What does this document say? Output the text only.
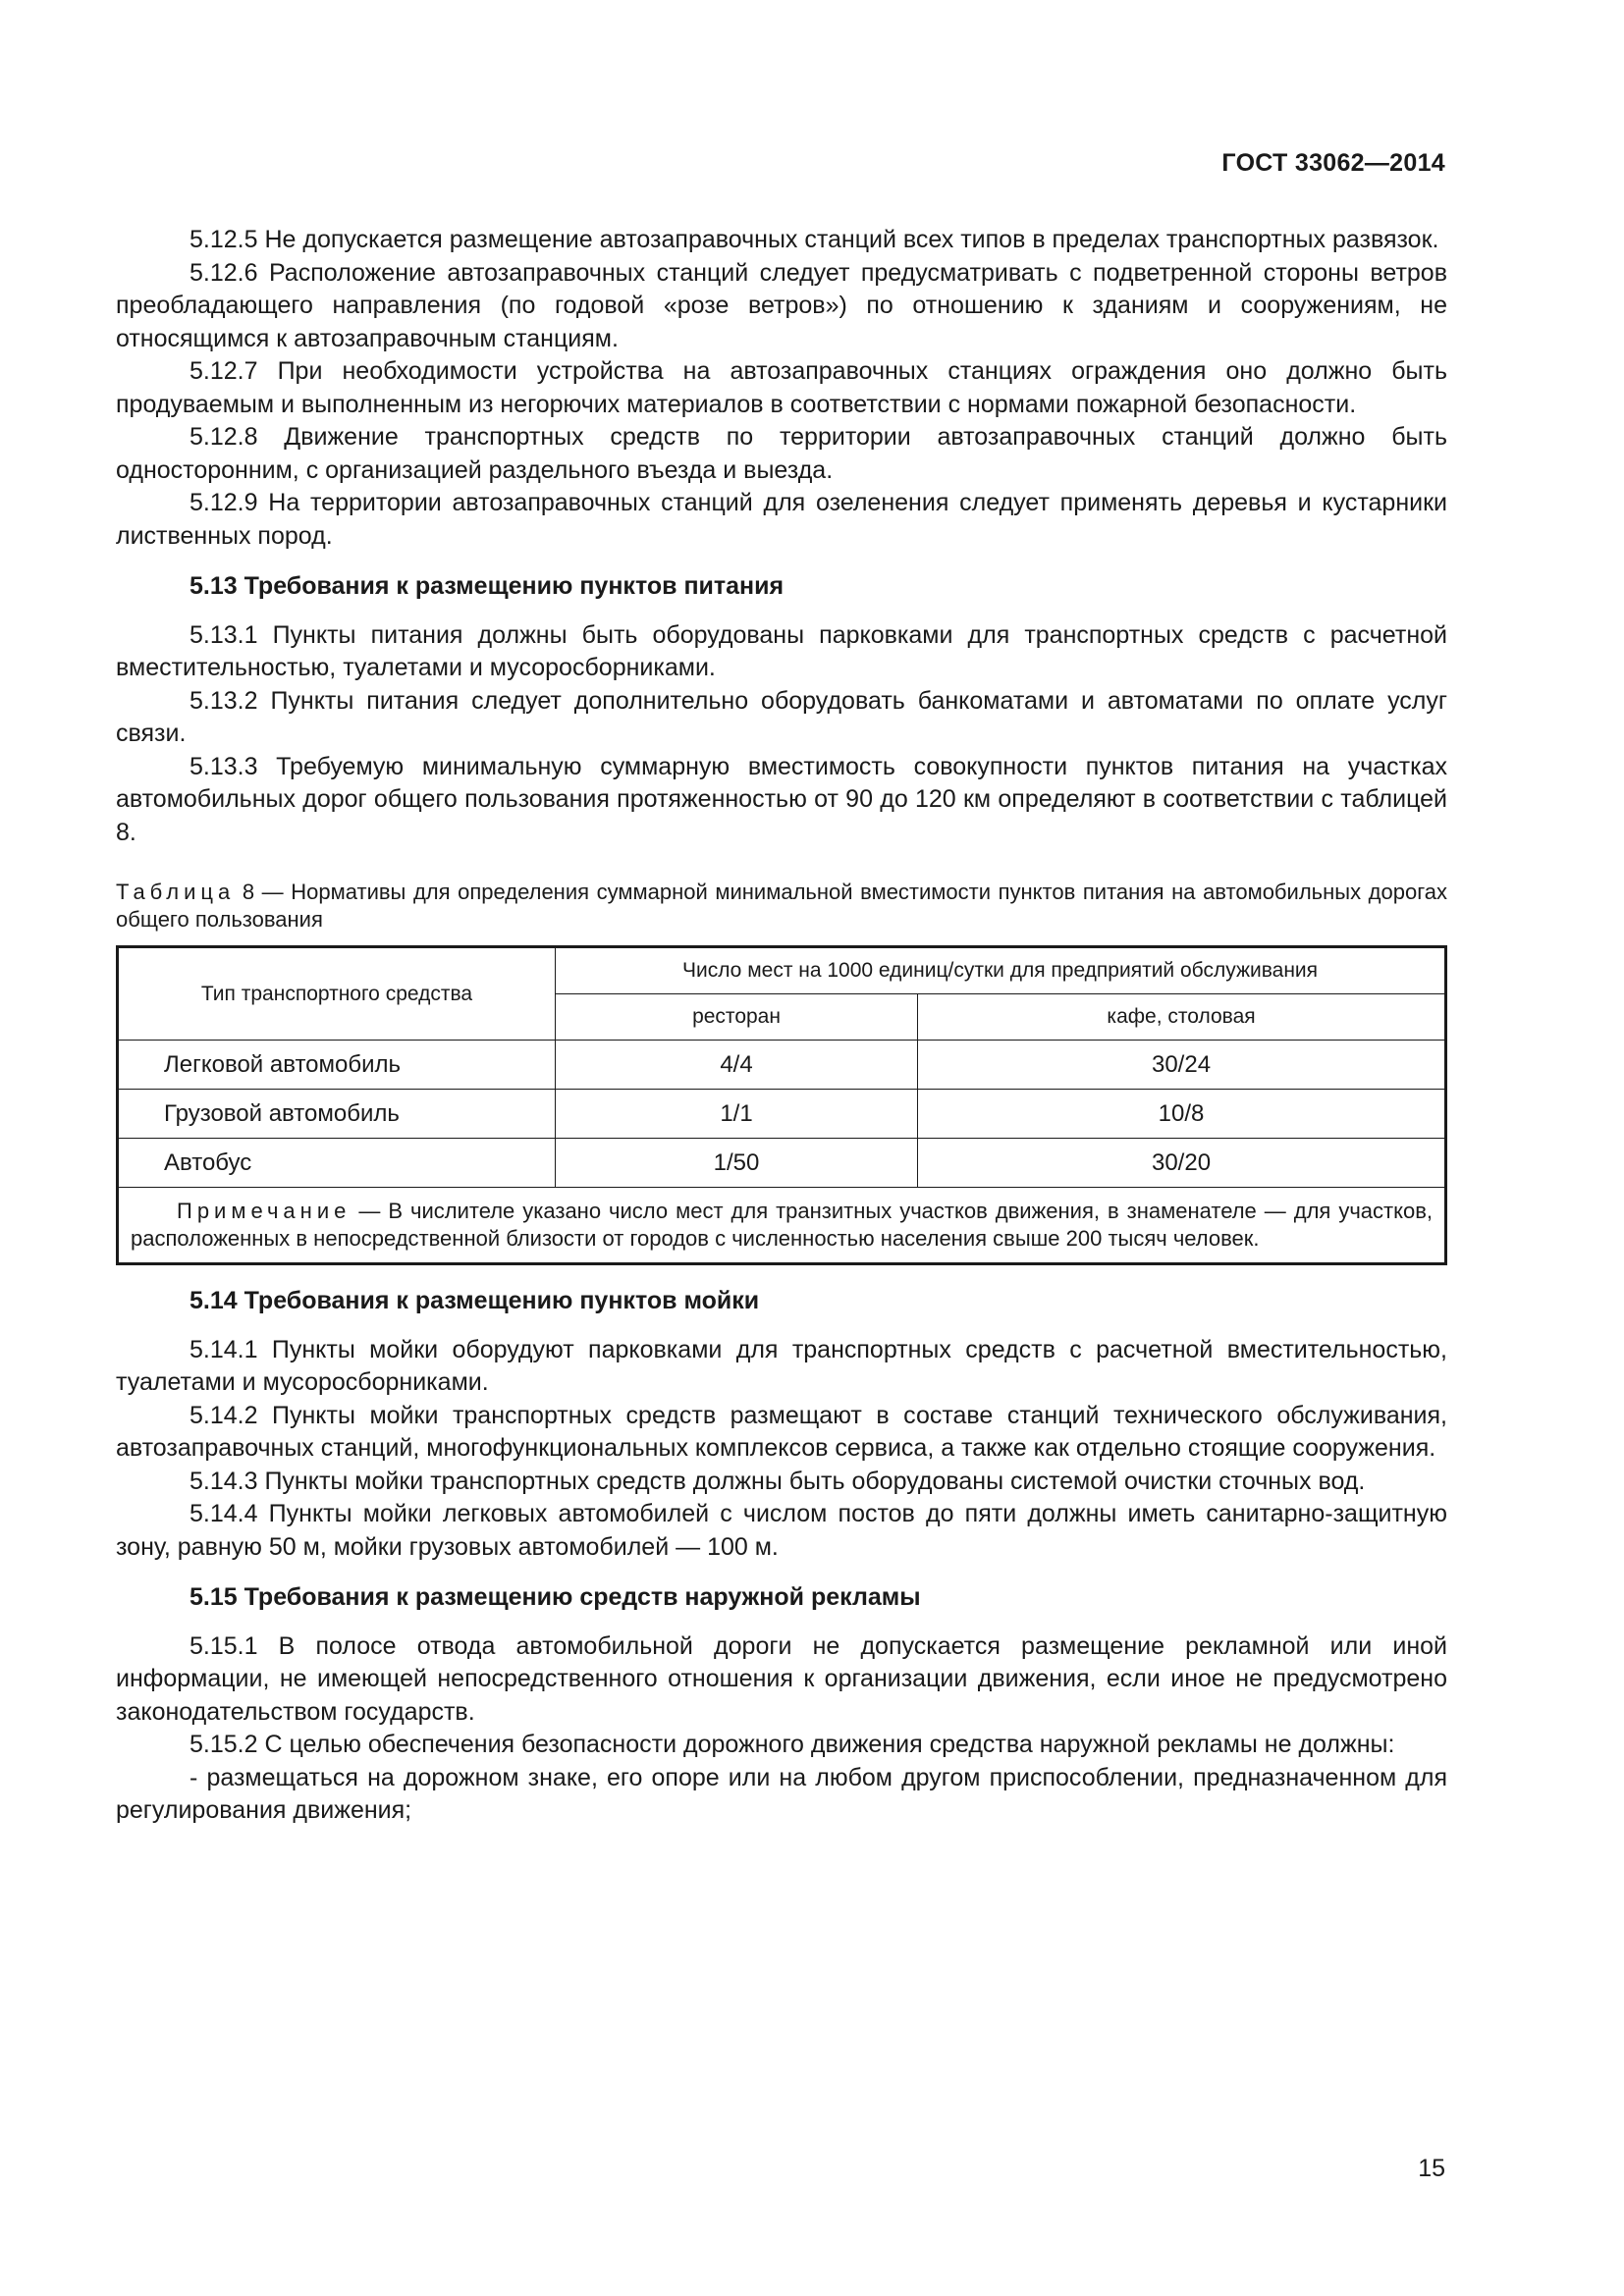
ГОСТ 33062—2014

5.12.5 Не допускается размещение автозаправочных станций всех типов в пределах транспортных развязок.

5.12.6 Расположение автозаправочных станций следует предусматривать с подветренной стороны ветров преобладающего направления (по годовой «розе ветров») по отношению к зданиям и сооружениям, не относящимся к автозаправочным станциям.

5.12.7 При необходимости устройства на автозаправочных станциях ограждения оно должно быть продуваемым и выполненным из негорючих материалов в соответствии с нормами пожарной безопасности.

5.12.8 Движение транспортных средств по территории автозаправочных станций должно быть односторонним, с организацией раздельного въезда и выезда.

5.12.9 На территории автозаправочных станций для озеленения следует применять деревья и кустарники лиственных пород.

5.13 Требования к размещению пунктов питания

5.13.1 Пункты питания должны быть оборудованы парковками для транспортных средств с расчетной вместительностью, туалетами и мусоросборниками.

5.13.2 Пункты питания следует дополнительно оборудовать банкоматами и автоматами по оплате услуг связи.

5.13.3 Требуемую минимальную суммарную вместимость совокупности пунктов питания на участках автомобильных дорог общего пользования протяженностью от 90 до 120 км определяют в соответствии с таблицей 8.

Таблица 8 — Нормативы для определения суммарной минимальной вместимости пунктов питания на автомобильных дорогах общего пользования
Тип транспортного средства	Число мест на 1000 единиц/сутки для предприятий обслуживания	
	ресторан	кафе, столовая
Легковой автомобиль	4/4	30/24
Грузовой автомобиль	1/1	10/8
Автобус	1/50	30/20
Примечание — В числителе указано число мест для транзитных участков движения, в знаменателе — для участков, расположенных в непосредственной близости от городов с численностью населения свыше 200 тысяч человек.		
5.14 Требования к размещению пунктов мойки

5.14.1 Пункты мойки оборудуют парковками для транспортных средств с расчетной вместительностью, туалетами и мусоросборниками.

5.14.2 Пункты мойки транспортных средств размещают в составе станций технического обслуживания, автозаправочных станций, многофункциональных комплексов сервиса, а также как отдельно стоящие сооружения.

5.14.3 Пункты мойки транспортных средств должны быть оборудованы системой очистки сточных вод.

5.14.4 Пункты мойки легковых автомобилей с числом постов до пяти должны иметь санитарно-защитную зону, равную 50 м, мойки грузовых автомобилей — 100 м.

5.15 Требования к размещению средств наружной рекламы

5.15.1 В полосе отвода автомобильной дороги не допускается размещение рекламной или иной информации, не имеющей непосредственного отношения к организации движения, если иное не предусмотрено законодательством государств.

5.15.2 С целью обеспечения безопасности дорожного движения средства наружной рекламы не должны:

- размещаться на дорожном знаке, его опоре или на любом другом приспособлении, предназначенном для регулирования движения;

15
